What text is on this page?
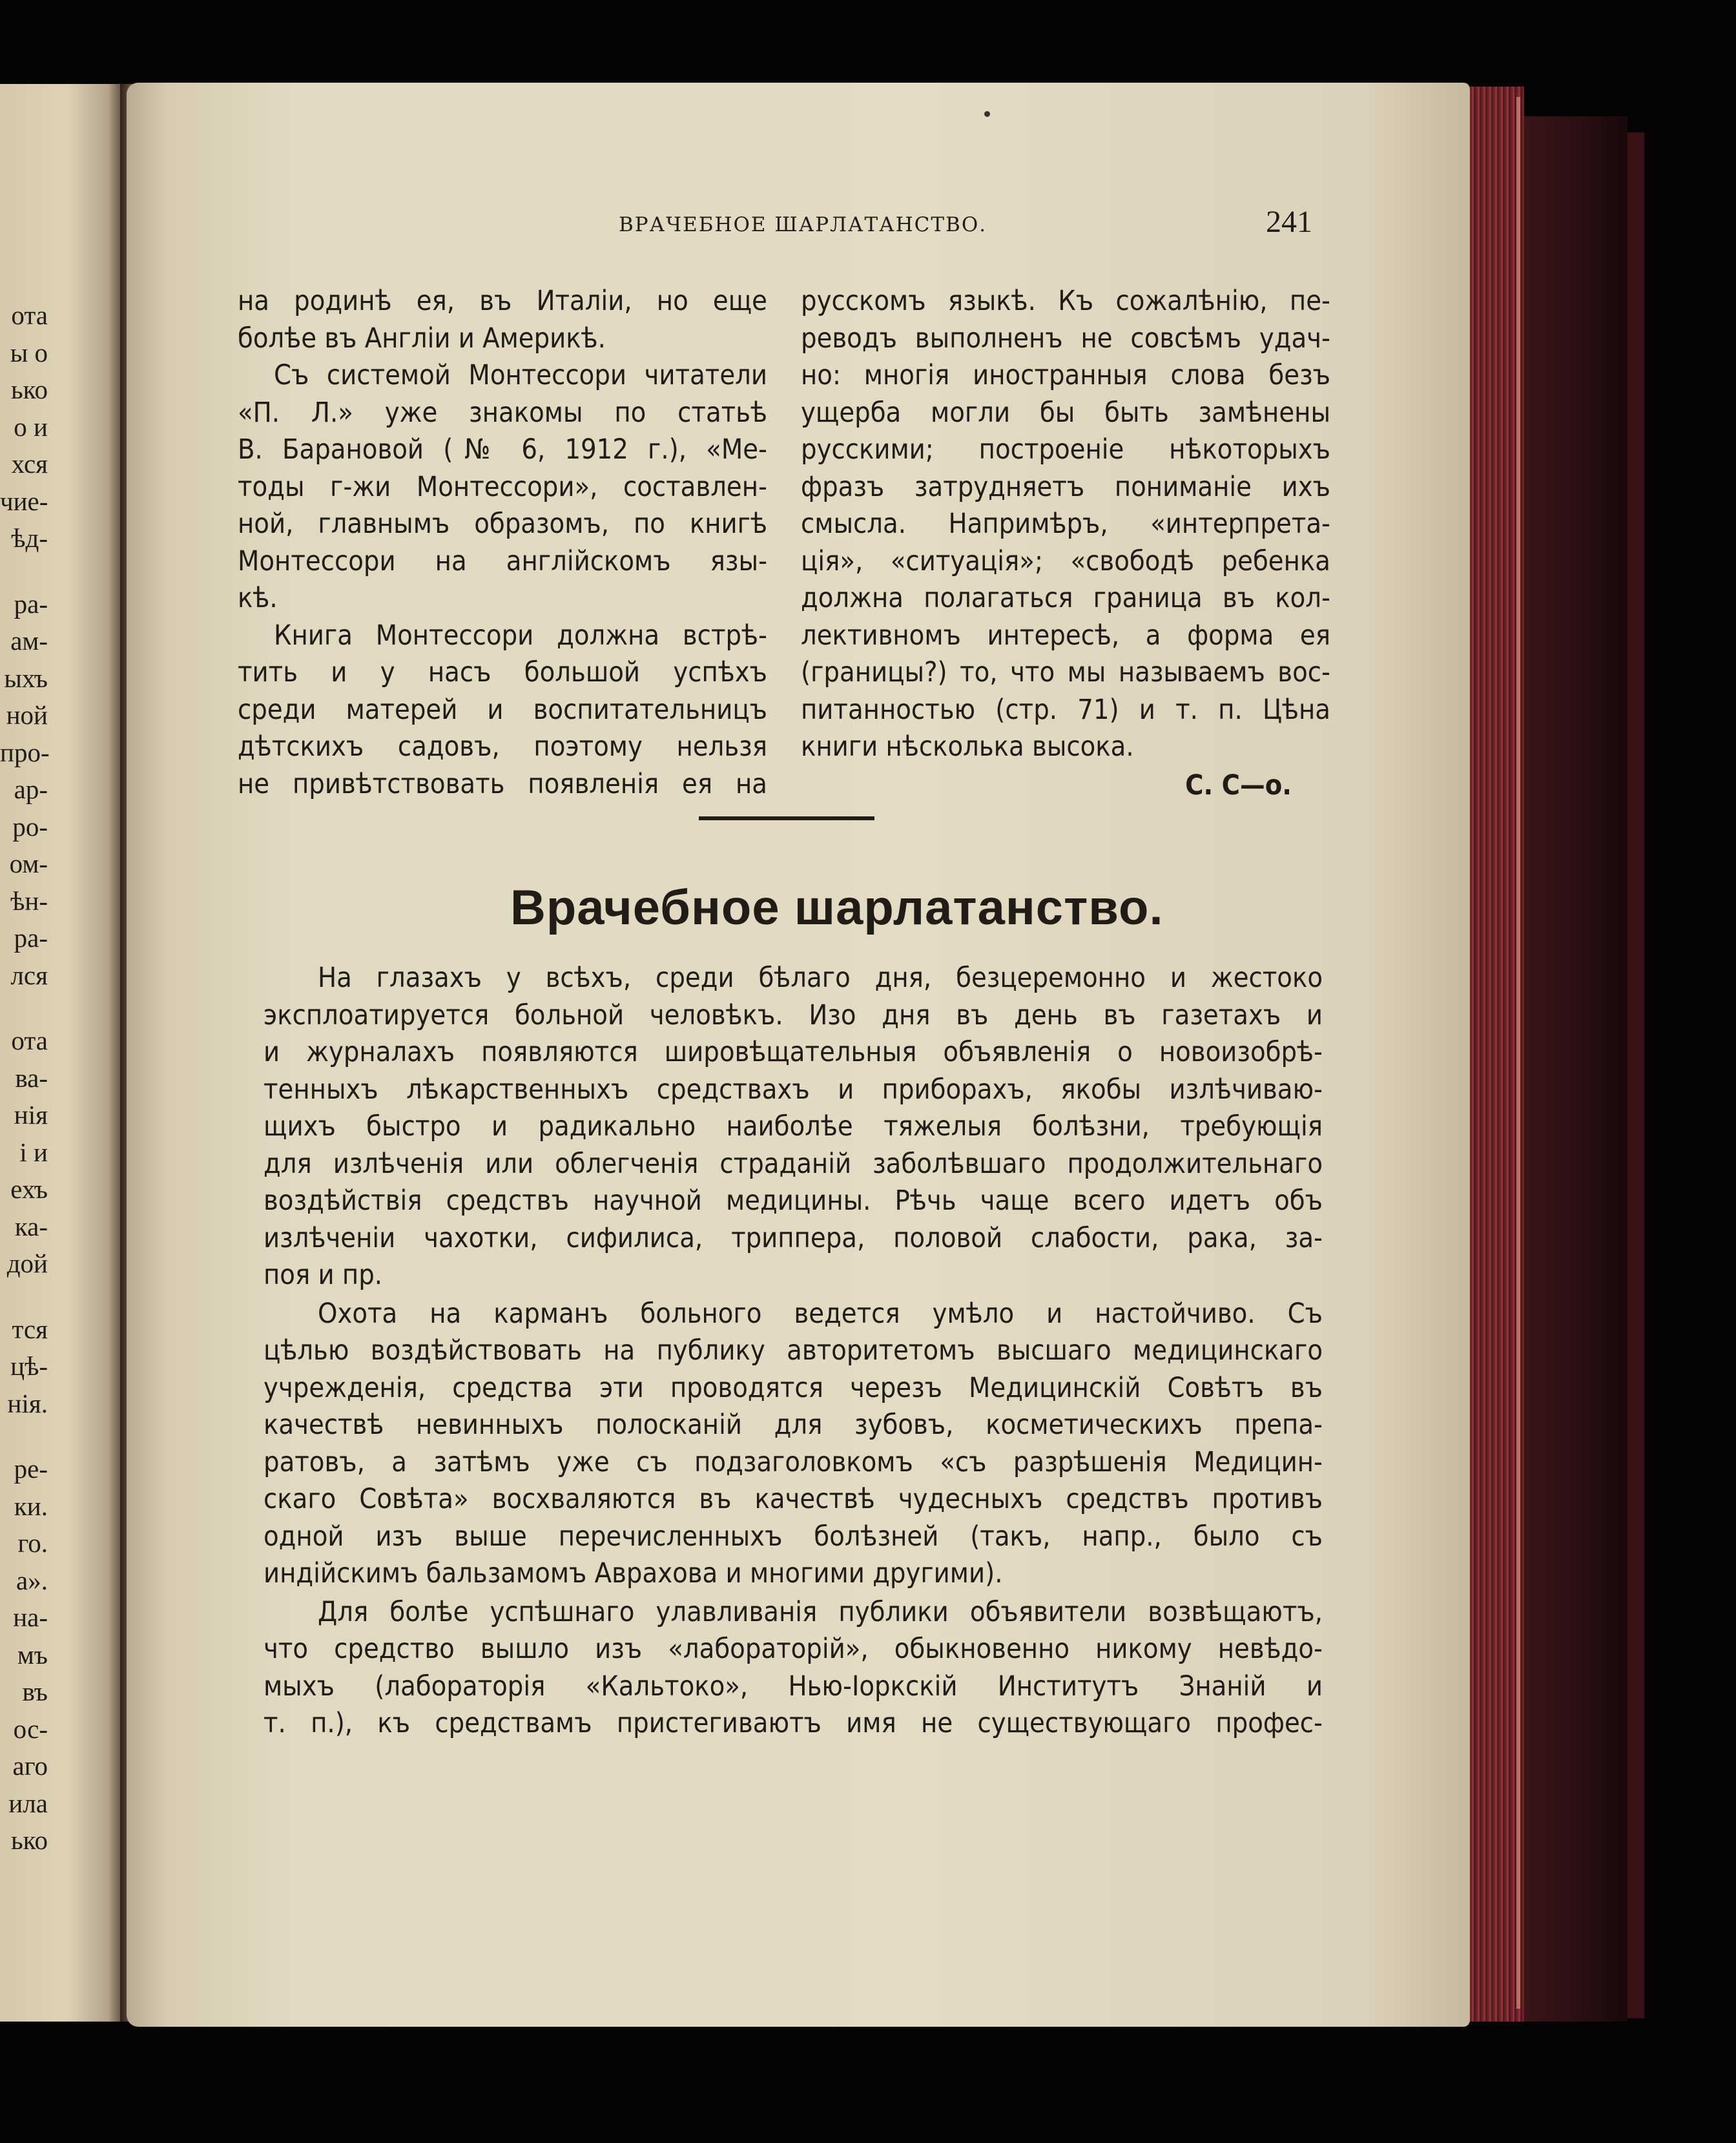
ота
ы о
ько
о и
хся
чие-
ѣд-
ра-
ам-
ыхъ
ной
про-
ар-
ро-
ом-
ѣн-
ра-
лся
ота
ва-
нія
і и
ехъ
ка-
дой
тся
цѣ-
нія.
ре-
ки.
го.
а».
на-
мъ
въ
ос-
аго
ила
ько
ВРАЧЕБНОЕ ШАРЛАТАНСТВО.	241
на родинѣ ея, въ Италіи, но еще
болѣе въ Англіи и Америкѣ.
Съ системой Монтессори читатели
«П. Л.» уже знакомы по статьѣ
В. Барановой (№ 6, 1912 г.), «Ме-
тоды г-жи Монтессори», составлен-
ной, главнымъ образомъ, по книгѣ
Монтессори на англійскомъ язы-
кѣ.
Книга Монтессори должна встрѣ-
тить и у насъ большой успѣхъ
среди матерей и воспитательницъ
дѣтскихъ садовъ, поэтому нельзя
не привѣтствовать появленія ея на
русскомъ языкѣ. Къ сожалѣнію, пе-
реводъ выполненъ не совсѣмъ удач-
но: многія иностранныя слова безъ
ущерба могли бы быть замѣнены
русскими; построеніе нѣкоторыхъ
фразъ затрудняетъ пониманіе ихъ
смысла. Напримѣръ, «интерпрета-
ція», «ситуація»; «свободѣ ребенка
должна полагаться граница въ кол-
лективномъ интересѣ, а форма ея
(границы?) то, что мы называемъ вос-
питанностью (стр. 71) и т. п. Цѣна
книги нѣсколька высока.
С. С—о.
Врачебное шарлатанство.
На глазахъ у всѣхъ, среди бѣлаго дня, безцеремонно и жестоко
эксплоатируется больной человѣкъ. Изо дня въ день въ газетахъ и
и журналахъ появляются шировѣщательныя объявленія о новоизобрѣ-
тенныхъ лѣкарственныхъ средствахъ и приборахъ, якобы излѣчиваю-
щихъ быстро и радикально наиболѣе тяжелыя болѣзни, требующія
для излѣченія или облегченія страданій заболѣвшаго продолжительнаго
воздѣйствія средствъ научной медицины. Рѣчь чаще всего идетъ объ
излѣченіи чахотки, сифилиса, триппера, половой слабости, рака, за-
поя и пр.
Охота на карманъ больного ведется умѣло и настойчиво. Съ
цѣлью воздѣйствовать на публику авторитетомъ высшаго медицинскаго
учрежденія, средства эти проводятся черезъ Медицинскій Совѣтъ въ
качествѣ невинныхъ полосканій для зубовъ, косметическихъ препа-
ратовъ, а затѣмъ уже съ подзаголовкомъ «съ разрѣшенія Медицин-
скаго Совѣта» восхваляются въ качествѣ чудесныхъ средствъ противъ
одной изъ выше перечисленныхъ болѣзней (такъ, напр., было съ
индійскимъ бальзамомъ Аврахова и многими другими).
Для болѣе успѣшнаго улавливанія публики объявители возвѣщаютъ,
что средство вышло изъ «лабораторій», обыкновенно никому невѣдо-
мыхъ (лабораторія «Кальтоко», Нью-Іоркскій Институтъ Знаній и
т. п.), къ средствамъ пристегиваютъ имя не существующаго профес-
